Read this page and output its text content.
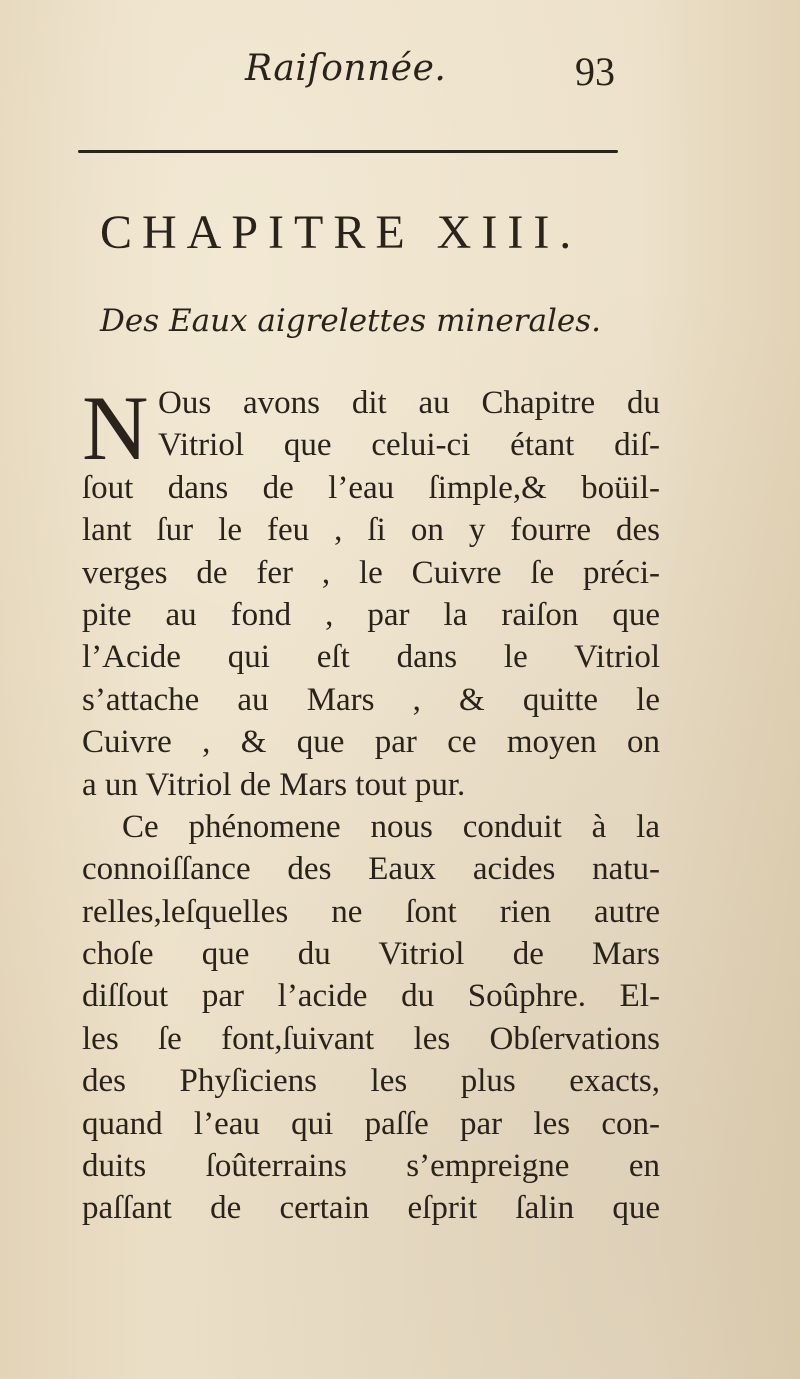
Raiſonnée.	93
CHAPITRE XIII.
Des Eaux aigrelettes minerales.
N Ous avons dit au Chapitre du
Vitriol que celui-ci étant diſ-
ſout dans de l’eau ſimple,& boüil-
lant ſur le feu , ſi on y fourre des
verges de fer , le Cuivre ſe préci-
pite au fond , par la raiſon que
l’Acide qui eſt dans le Vitriol
s’attache au Mars , & quitte le
Cuivre , & que par ce moyen on
a un Vitriol de Mars tout pur.
Ce phénomene nous conduit à la
connoiſſance des Eaux acides natu-
relles,leſquelles ne ſont rien autre
choſe que du Vitriol de Mars
diſſout par l’acide du Soûphre. El-
les ſe font,ſuivant les Obſervations
des Phyſiciens les plus exacts,
quand l’eau qui paſſe par les con-
duits ſoûterrains s’empreigne en
paſſant de certain eſprit ſalin que
